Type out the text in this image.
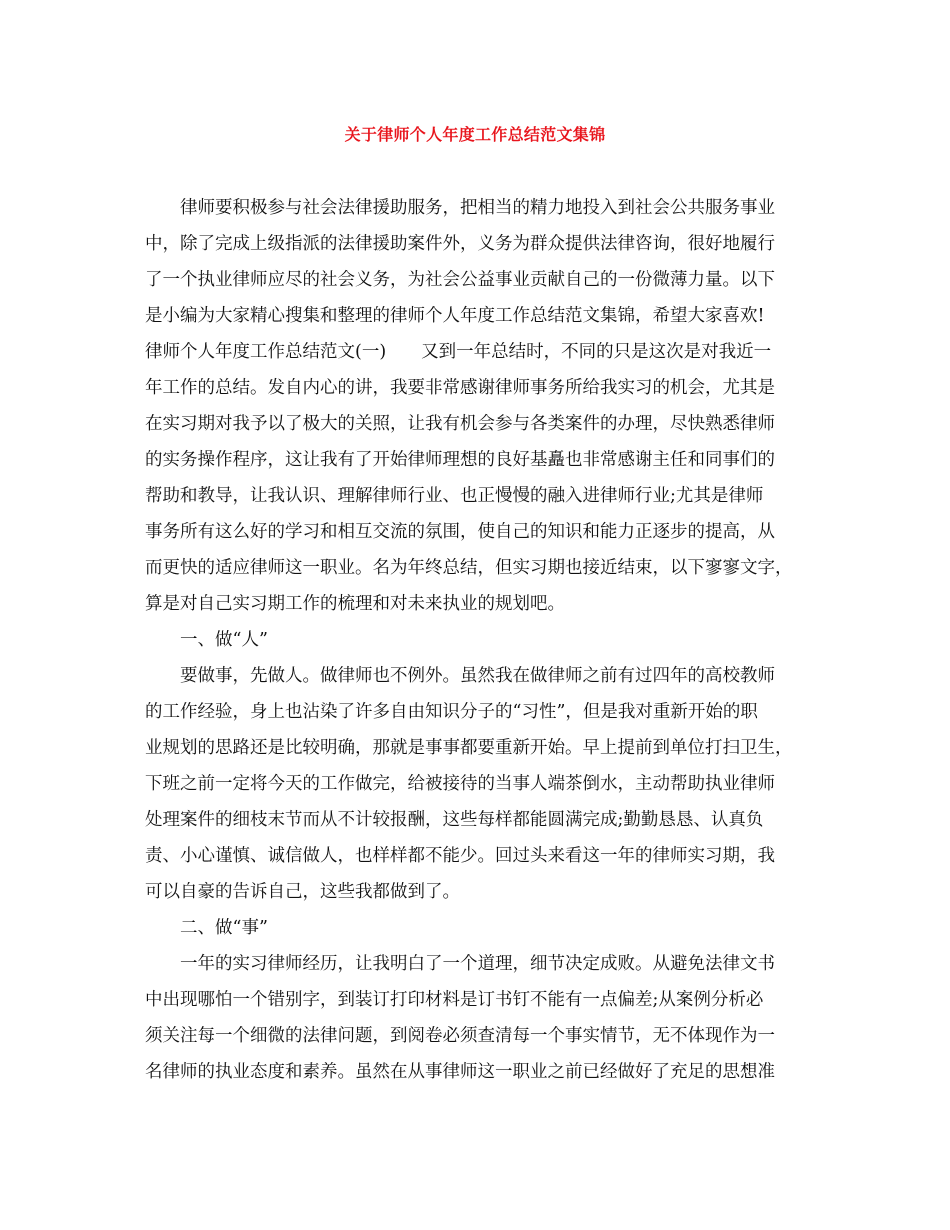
关于律师个人年度工作总结范文集锦
律师要积极参与社会法律援助服务，把相当的精力地投入到社会公共服务事业
中，除了完成上级指派的法律援助案件外，义务为群众提供法律咨询，很好地履行
了一个执业律师应尽的社会义务，为社会公益事业贡献自己的一份微薄力量。以下
是小编为大家精心搜集和整理的律师个人年度工作总结范文集锦，希望大家喜欢!
律师个人年度工作总结范文(一)　　又到一年总结时，不同的只是这次是对我近一
年工作的总结。发自内心的讲，我要非常感谢律师事务所给我实习的机会，尤其是
在实习期对我予以了极大的关照，让我有机会参与各类案件的办理，尽快熟悉律师
的实务操作程序，这让我有了开始律师理想的良好基矗也非常感谢主任和同事们的
帮助和教导，让我认识、理解律师行业、也正慢慢的融入进律师行业;尤其是律师
事务所有这么好的学习和相互交流的氛围，使自己的知识和能力正逐步的提高，从
而更快的适应律师这一职业。名为年终总结，但实习期也接近结束，以下寥寥文字，
算是对自己实习期工作的梳理和对未来执业的规划吧。
一、做“人”
要做事，先做人。做律师也不例外。虽然我在做律师之前有过四年的高校教师
的工作经验，身上也沾染了许多自由知识分子的“习性”，但是我对重新开始的职
业规划的思路还是比较明确，那就是事事都要重新开始。早上提前到单位打扫卫生，
下班之前一定将今天的工作做完，给被接待的当事人端茶倒水，主动帮助执业律师
处理案件的细枝末节而从不计较报酬，这些每样都能圆满完成;勤勤恳恳、认真负
责、小心谨慎、诚信做人，也样样都不能少。回过头来看这一年的律师实习期，我
可以自豪的告诉自己，这些我都做到了。
二、做“事”
一年的实习律师经历，让我明白了一个道理，细节决定成败。从避免法律文书
中出现哪怕一个错别字，到装订打印材料是订书钉不能有一点偏差;从案例分析必
须关注每一个细微的法律问题，到阅卷必须查清每一个事实情节，无不体现作为一
名律师的执业态度和素养。虽然在从事律师这一职业之前已经做好了充足的思想准
